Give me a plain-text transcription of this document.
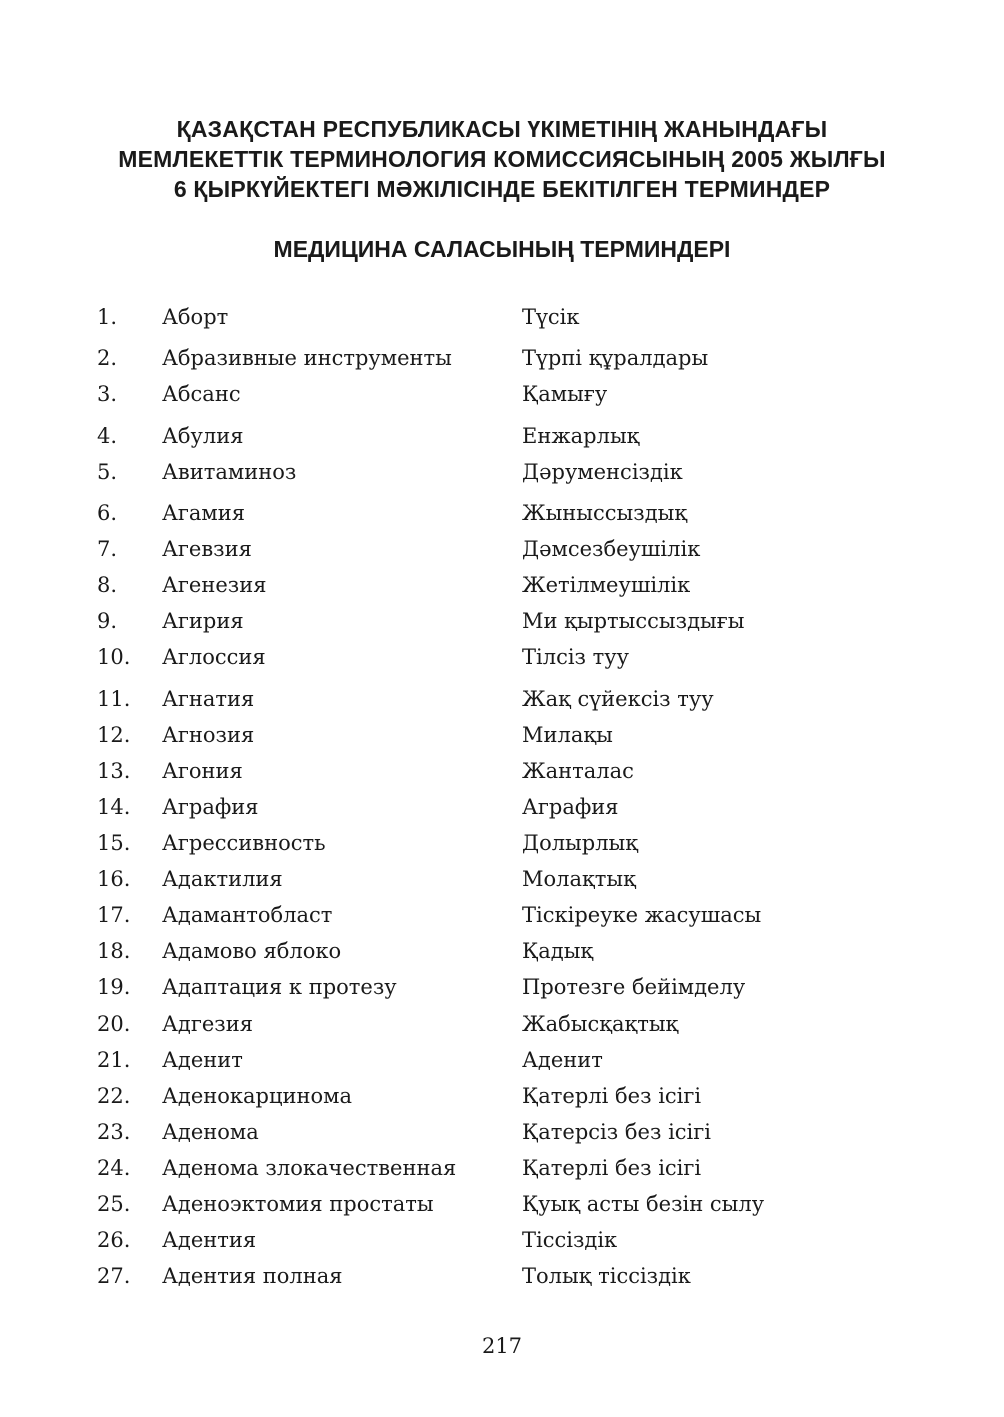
ҚАЗАҚСТАН РЕСПУБЛИКАСЫ ҮКІМЕТІНІҢ ЖАНЫНДАҒЫ
МЕМЛЕКЕТТІК ТЕРМИНОЛОГИЯ КОМИССИЯСЫНЫҢ 2005 ЖЫЛҒЫ
6 ҚЫРКҮЙЕКТЕГІ МӘЖІЛІСІНДЕ БЕКІТІЛГЕН ТЕРМИНДЕР
МЕДИЦИНА САЛАСЫНЫҢ ТЕРМИНДЕРІ
1. Аборт	Түсік
2. Абразивные инструменты	Түрпі құралдары
3. Абсанс	Қамығу
4. Абулия	Енжарлық
5. Авитаминоз	Дәруменсіздік
6. Агамия	Жыныссыздық
7. Агевзия	Дәмсезбеушілік
8. Агенезия	Жетілмеушілік
9. Агирия	Ми қыртыссыздығы
10. Аглоссия	Тілсіз туу
11. Агнатия	Жақ сүйексіз туу
12. Агнозия	Милақы
13. Агония	Жанталас
14. Аграфия	Аграфия
15. Агрессивность	Долырлық
16. Адактилия	Молақтық
17. Адамантобласт	Тіскіреуке жасушасы
18. Адамово яблоко	Қадық
19. Адаптация к протезу	Протезге бейімделу
20. Адгезия	Жабысқақтық
21. Аденит	Аденит
22. Аденокарцинома	Қатерлі без ісігі
23. Аденома	Қатерсіз без ісігі
24. Аденома злокачественная	Қатерлі без ісігі
25. Аденоэктомия простаты	Қуық асты безін сылу
26. Адентия	Тіссіздік
27. Адентия полная	Толық тіссіздік
217
